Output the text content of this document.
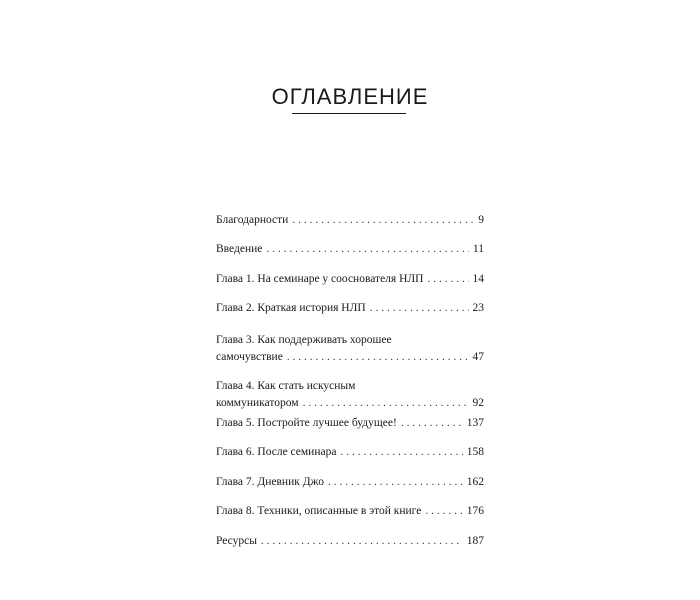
ОГЛАВЛЕНИЕ
Благодарности . . .	9
Введение . . .	11
Глава 1. На семинаре у сооснователя НЛП . . .	14
Глава 2. Краткая история НЛП . . .	23
Глава 3. Как поддерживать хорошее
самочувствие . . .	47
Глава 4. Как стать искусным
коммуникатором . . .	92
Глава 5. Постройте лучшее будущее! . . .	137
Глава 6. После семинара . . .	158
Глава 7. Дневник Джо . . .	162
Глава 8. Техники, описанные в этой книге . . .	176
Ресурсы . . .	187
